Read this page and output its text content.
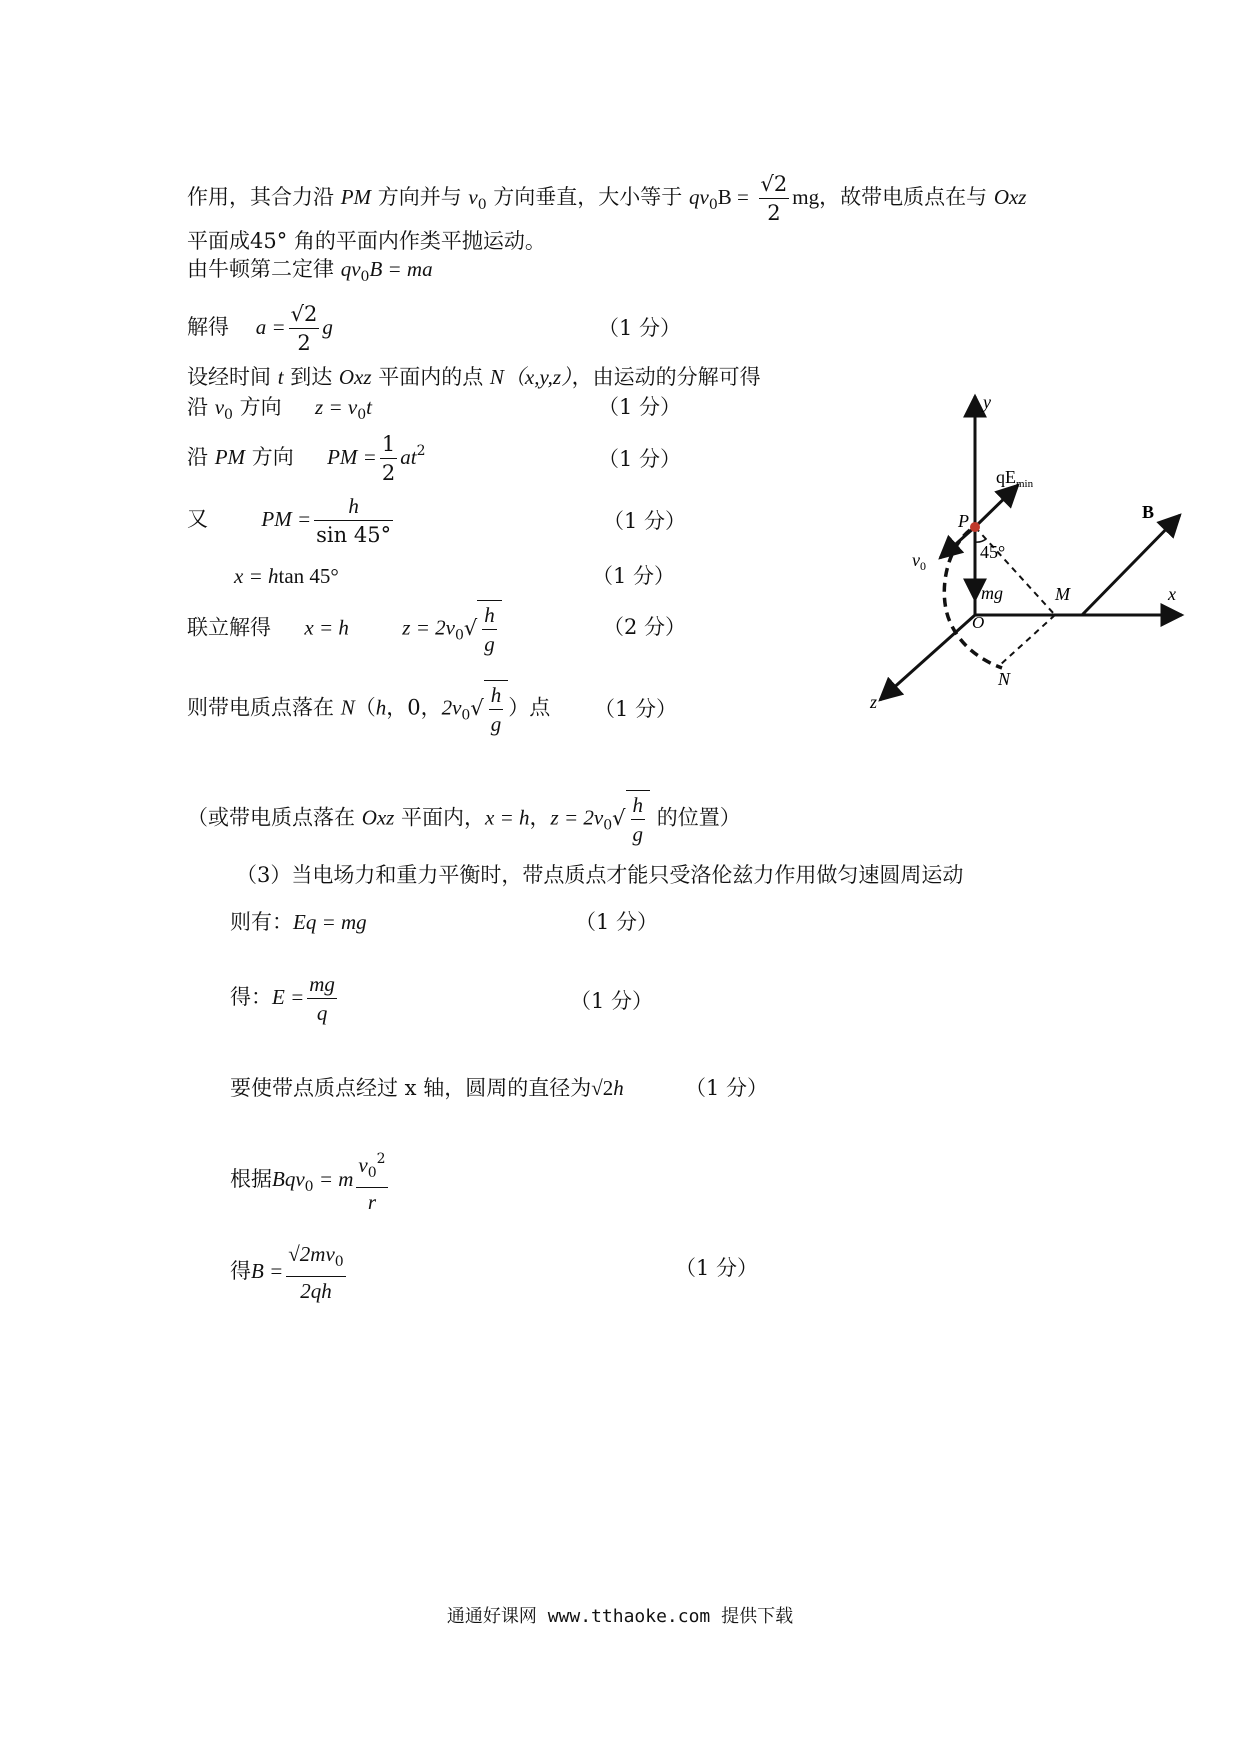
作用，其合力沿 PM 方向并与 $v_0$ 方向垂直，大小等于 $qv_0B = \frac{√2}{2}$ mg，故带电质点在与 Oxz
平面成45° 角的平面内作类平抛运动。
由牛顿第二定律 $qv_0B$ = ma
解得 $a = \frac{√2}{2}$ g	（1 分）
设经时间 t 到达 Oxz 平面内的点 N（x,y,z），由运动的分解可得
沿 $v_0$ 方向 $z = v_0t$	（1 分）
沿 PM 方向 PM = $\frac{1}{2} at^2$	（1 分）
又	PM = $\frac{h}{\sin 45^\circ}$	（1 分）
x = htan 45°	（1 分）
联立解得 x = h	$z = 2v_0√ \frac{h}{g}$	（2 分）
则带电质点落在 N（h，0，$2v_0√ \frac{h}{g}$ ）点 （1 分）
（或带电质点落在 Oxz 平面内，x = h，$z = 2v_0√ \frac{h}{g}$ 的位置）
（3）当电场力和重力平衡时，带点质点才能只受洛伦兹力作用做匀速圆周运动
则有：Eq = mg	（1 分）
得：$E = \frac{mg}{q}$	（1 分）
要使带点质点经过 x 轴，圆周的直径为√2h	（1 分）
根据Bqv$_0$ = m $\frac{v_0^2}{r}$
得$B = \frac{√2mv_0}{2qh}$	（1 分）
y
x
z
B
$qE_{min}$
P
45°
$v_0$
mg
O
M
N
通通好课网 www.tthaoke.com 提供下载
